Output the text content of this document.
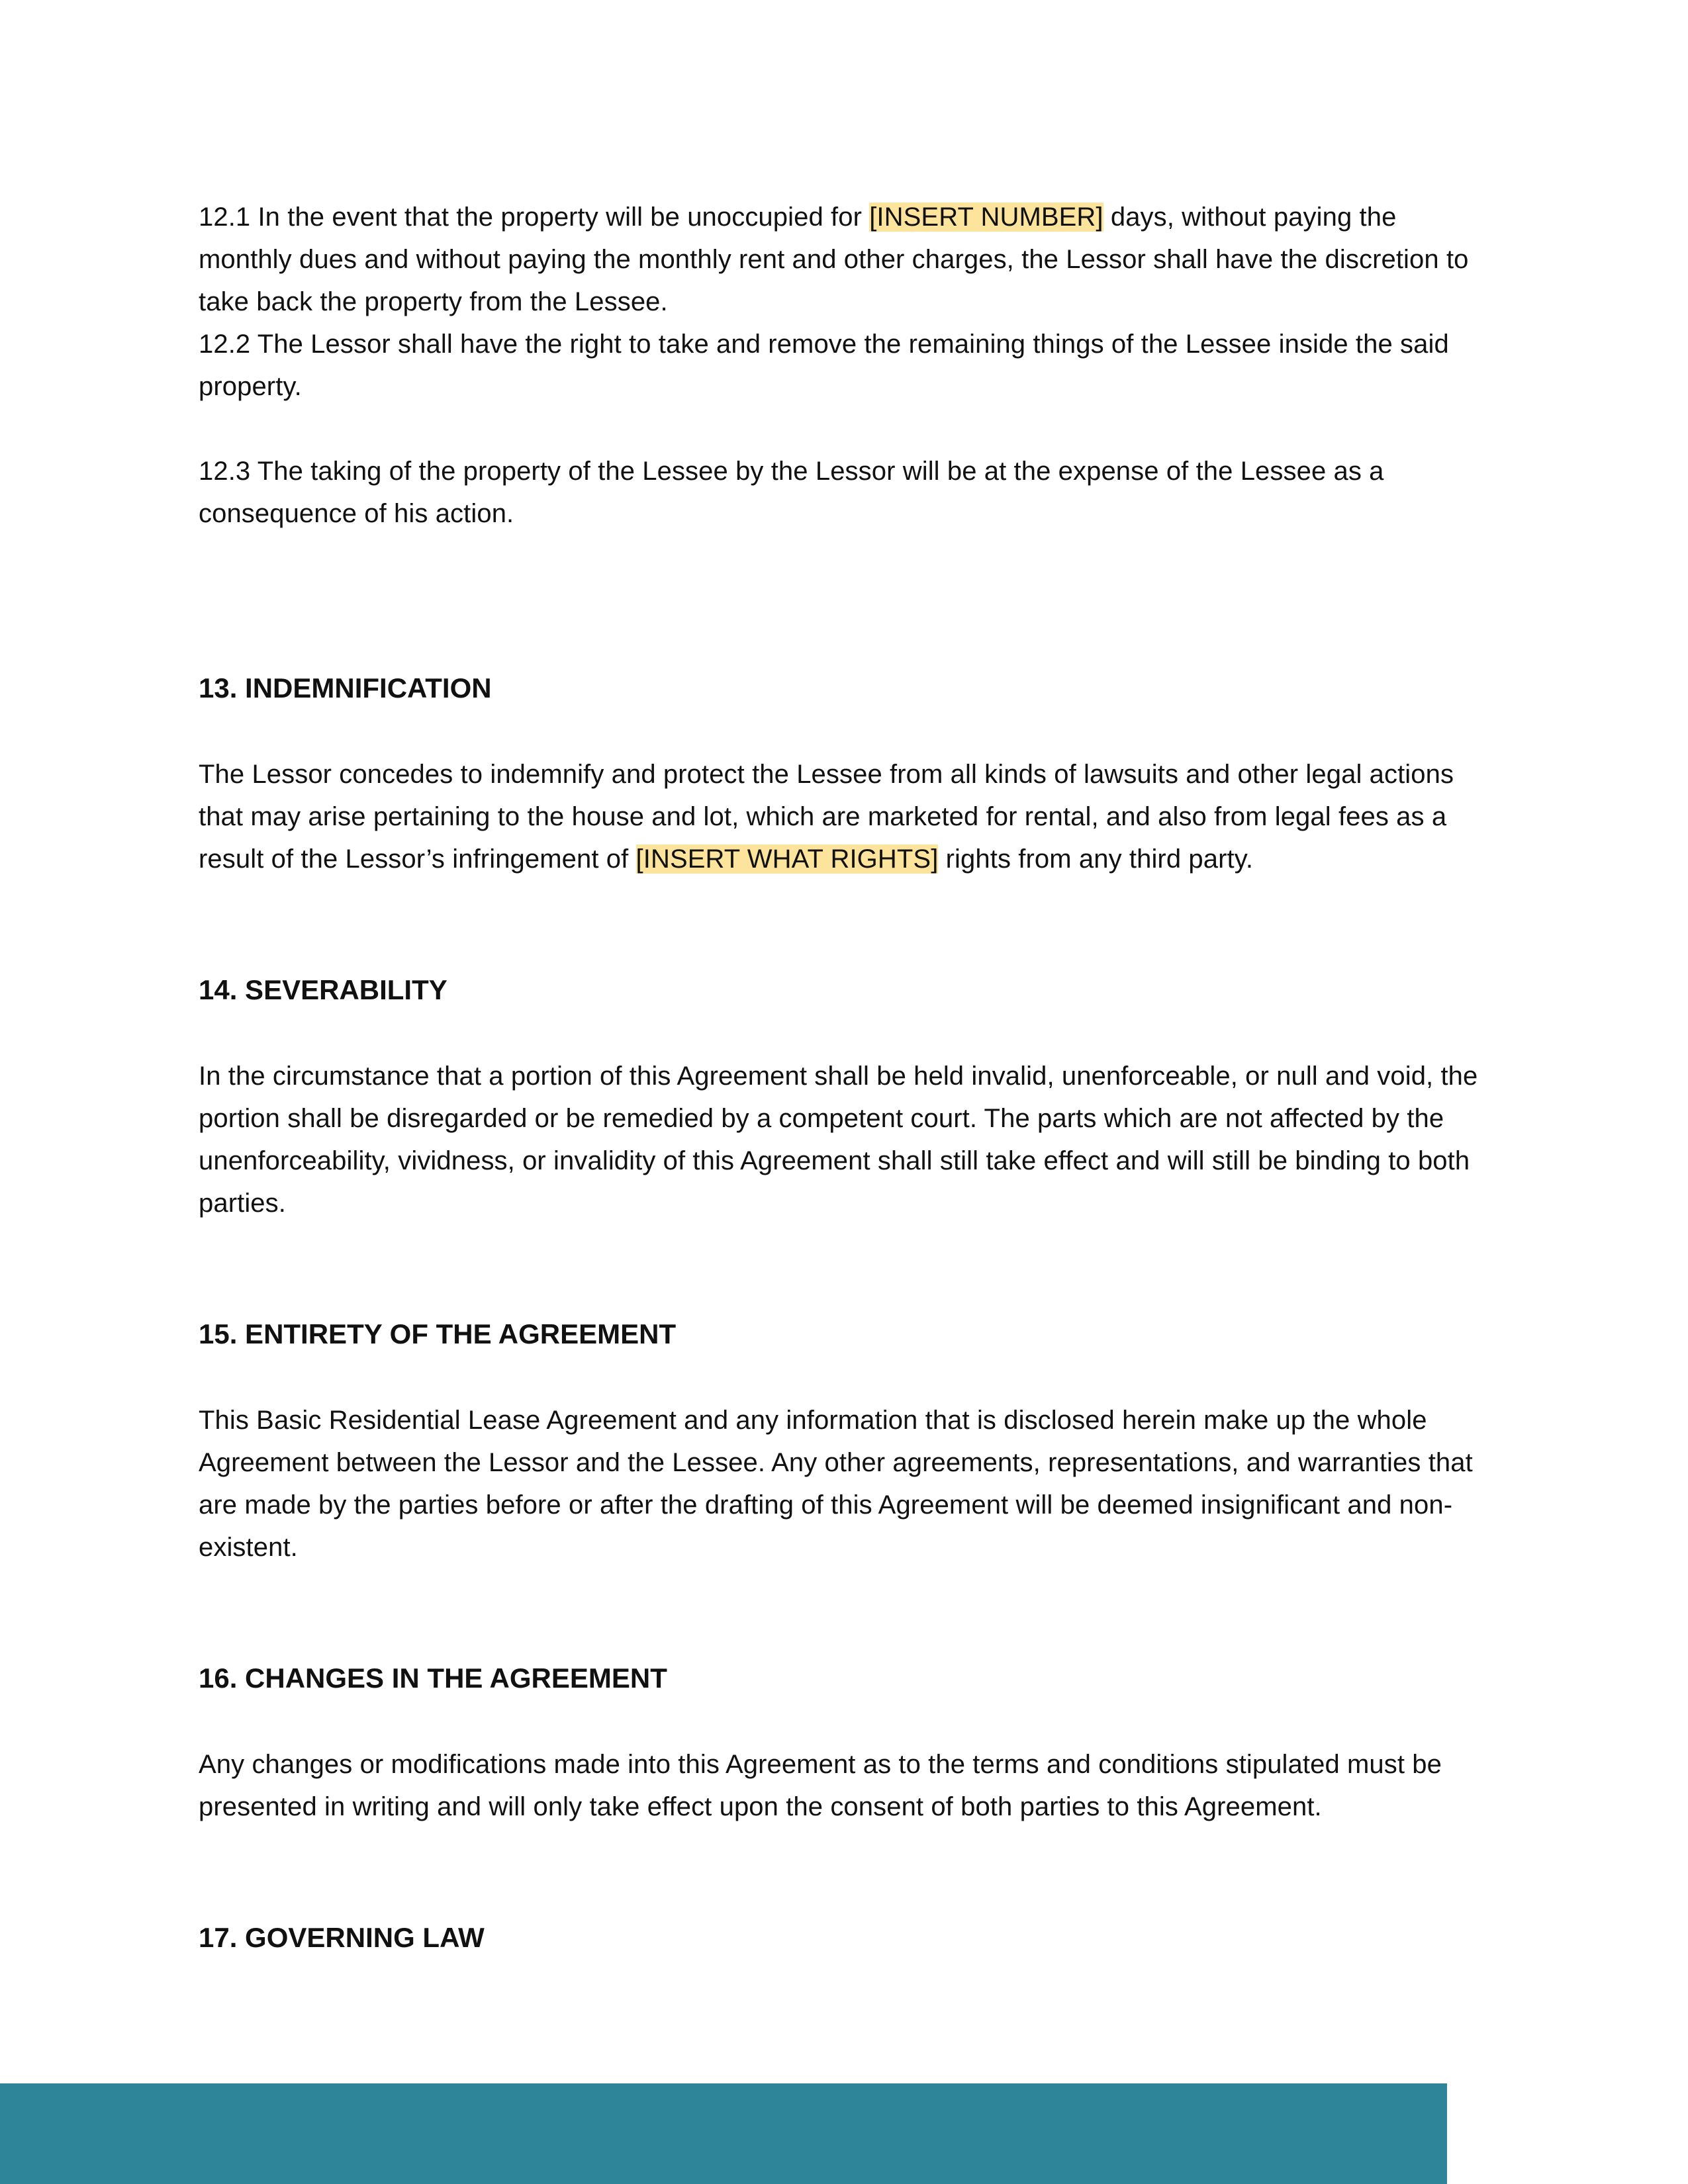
12.1 In the event that the property will be unoccupied for [INSERT NUMBER] days, without paying the monthly dues and without paying the monthly rent and other charges, the Lessor shall have the discretion to take back the property from the Lessee.

12.2 The Lessor shall have the right to take and remove the remaining things of the Lessee inside the said property.

12.3 The taking of the property of the Lessee by the Lessor will be at the expense of the Lessee as a consequence of his action.

13. INDEMNIFICATION

The Lessor concedes to indemnify and protect the Lessee from all kinds of lawsuits and other legal actions that may arise pertaining to the house and lot, which are marketed for rental, and also from legal fees as a result of the Lessor’s infringement of [INSERT WHAT RIGHTS] rights from any third party.

14. SEVERABILITY

In the circumstance that a portion of this Agreement shall be held invalid, unenforceable, or null and void, the portion shall be disregarded or be remedied by a competent court. The parts which are not affected by the unenforceability, vividness, or invalidity of this Agreement shall still take effect and will still be binding to both parties.

15. ENTIRETY OF THE AGREEMENT

This Basic Residential Lease Agreement and any information that is disclosed herein make up the whole Agreement between the Lessor and the Lessee. Any other agreements, representations, and warranties that are made by the parties before or after the drafting of this Agreement will be deemed insignificant and non-existent.

16. CHANGES IN THE AGREEMENT

Any changes or modifications made into this Agreement as to the terms and conditions stipulated must be presented in writing and will only take effect upon the consent of both parties to this Agreement.

17. GOVERNING LAW
